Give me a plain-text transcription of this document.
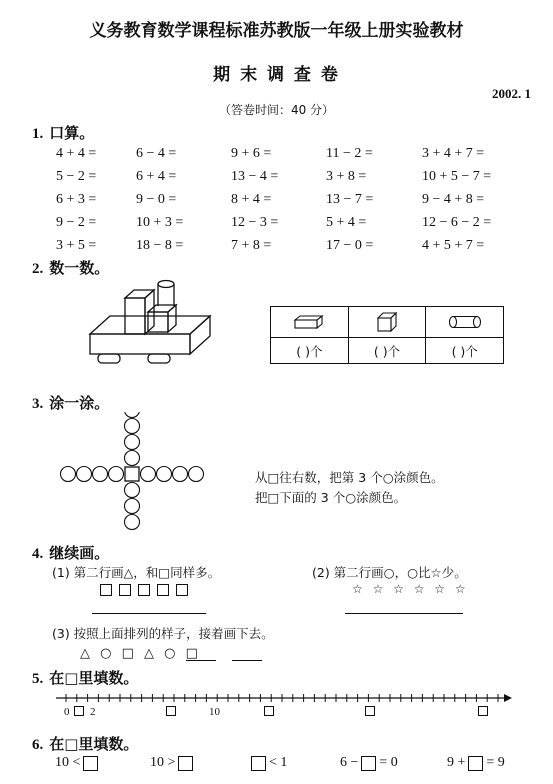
义务教育数学课程标准苏教版一年级上册实验教材
期 末 调 查 卷
2002. 1
（答卷时间：40 分）
1. 口算。
4 + 4 =	6 − 4 =	9 + 6 =	11 − 2 =	3 + 4 + 7 =
5 − 2 =	6 + 4 =	13 − 4 =	3 + 8 =	10 + 5 − 7 =
6 + 3 =	9 − 0 =	8 + 4 =	13 − 7 =	9 − 4 + 8 =
9 − 2 =	10 + 3 =	12 − 3 =	5 + 4 =	12 − 6 − 2 =
3 + 5 =	18 − 8 =	7 + 8 =	17 − 0 =	4 + 5 + 7 =
2. 数一数。
( )个	( )个	( )个
3. 涂一涂。
从□往右数，把第 3 个○涂颜色。
把□下面的 3 个○涂颜色。
4. 继续画。
(1) 第二行画△，和□同样多。	(2) 第二行画○，○比☆少。
☆ ☆ ☆ ☆ ☆ ☆
(3) 按照上面排列的样子，接着画下去。
△ ○ □ △ ○ □
5. 在□里填数。
0 2	10
6. 在□里填数。
10 <	10 >	< 1	6 − = 0	9 + = 9
